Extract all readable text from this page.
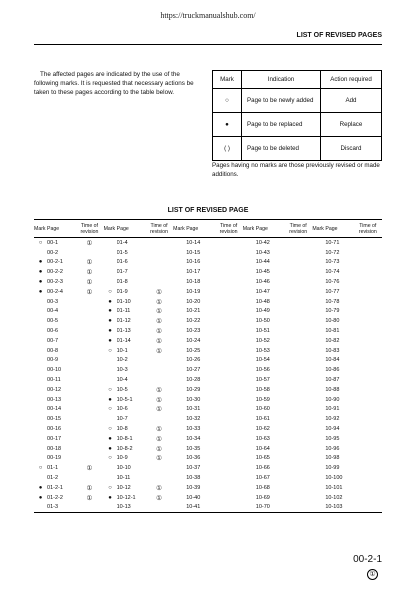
https://truckmanualshub.com/
LIST OF REVISED PAGES
The affected pages are indicated by the use of the following marks. It is requested that necessary actions be taken to these pages according to the table below.
Mark	Indication	Action required
○	Page to be newly added	Add
●	Page to be replaced	Replace
( )	Page to be deleted	Discard
Pages having no marks are those previously revised or made additions.
LIST OF REVISED PAGE
Mark	Page	Time of revision	Mark	Page	Time of revision	Mark	Page	Time of revision	Mark	Page	Time of revision	Mark	Page	Time of revision
○	00-1	①		01-4			10-14			10-42			10-71	
	00-2			01-5			10-15			10-43			10-72	
●	00-2-1	①		01-6			10-16			10-44			10-73	
●	00-2-2	①		01-7			10-17			10-45			10-74	
●	00-2-3	①		01-8			10-18			10-46			10-76	
●	00-2-4	①	○	01-9	①		10-19			10-47			10-77	
	00-3		●	01-10	①		10-20			10-48			10-78	
	00-4		●	01-11	①		10-21			10-49			10-79	
	00-5		●	01-12	①		10-22			10-50			10-80	
	00-6		●	01-13	①		10-23			10-51			10-81	
	00-7		●	01-14	①		10-24			10-52			10-82	
	00-8		○	10-1	①		10-25			10-53			10-83	
	00-9			10-2			10-26			10-54			10-84	
	00-10			10-3			10-27			10-56			10-86	
	00-11			10-4			10-28			10-57			10-87	
	00-12		○	10-5	①		10-29			10-58			10-88	
	00-13		●	10-5-1	①		10-30			10-59			10-90	
	00-14		○	10-6	①		10-31			10-60			10-91	
	00-15			10-7			10-32			10-61			10-92	
	00-16		○	10-8	①		10-33			10-62			10-94	
	00-17		●	10-8-1	①		10-34			10-63			10-95	
	00-18		●	10-8-2	①		10-35			10-64			10-96	
	00-19		○	10-9	①		10-36			10-65			10-98	
○	01-1	①		10-10			10-37			10-66			10-99	
	01-2			10-11			10-38			10-67			10-100	
●	01-2-1	①	○	10-12	①		10-39			10-68			10-101	
●	01-2-2	①	●	10-12-1	①		10-40			10-69			10-102	
	01-3			10-13			10-41			10-70			10-103	
00-2-1
①
